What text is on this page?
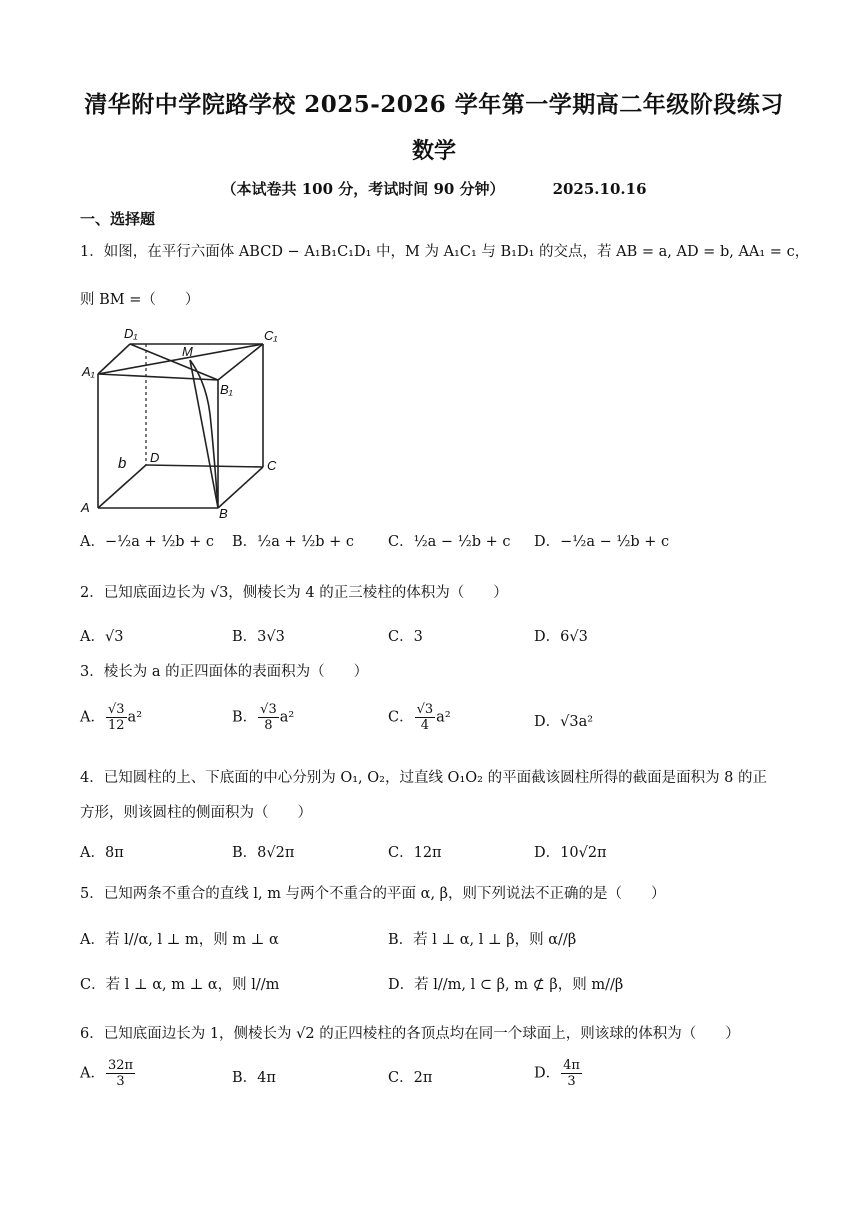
清华附中学院路学校 2025-2026 学年第一学期高二年级阶段练习
数学
（本试卷共 100 分，考试时间 90 分钟）	2025.10.16
一、选择题
1．如图，在平行六面体 ABCD − A₁B₁C₁D₁ 中，M 为 A₁C₁ 与 B₁D₁ 的交点，若 AB = a, AD = b, AA₁ = c，
则 BM =（　　）
D₁	C₁
A₁
M
B₁
D
C
A	B
b
A．−½a + ½b + c B．½a + ½b + c C．½a − ½b + c D．−½a − ½b + c
2．已知底面边长为 √3，侧棱长为 4 的正三棱柱的体积为（　　）
A．√3	B．3√3	C．3	D．6√3
3．棱长为 a 的正四面体的表面积为（　　）
A． $\frac{√3}{12} a^2$	B． $\frac{√3}{8} a^2$	C． $\frac{√3}{4} a^2$	D．√3a²
4．已知圆柱的上、下底面的中心分别为 O₁, O₂，过直线 O₁O₂ 的平面截该圆柱所得的截面是面积为 8 的正
方形，则该圆柱的侧面积为（　　）
A．8π	B．8√2π	C．12π	D．10√2π
5．已知两条不重合的直线 l, m 与两个不重合的平面 α, β，则下列说法不正确的是（　　）
A．若 l//α, l ⊥ m，则 m ⊥ α	B．若 l ⊥ α, l ⊥ β，则 α//β
C．若 l ⊥ α, m ⊥ α，则 l//m	D．若 l//m, l ⊂ β, m ⊄ β，则 m//β
6．已知底面边长为 1，侧棱长为 √2 的正四棱柱的各顶点均在同一个球面上，则该球的体积为（　　）
A． $\frac{32\pi}{3}$	B．4π	C．2π	D． $\frac{4\pi}{3}$
